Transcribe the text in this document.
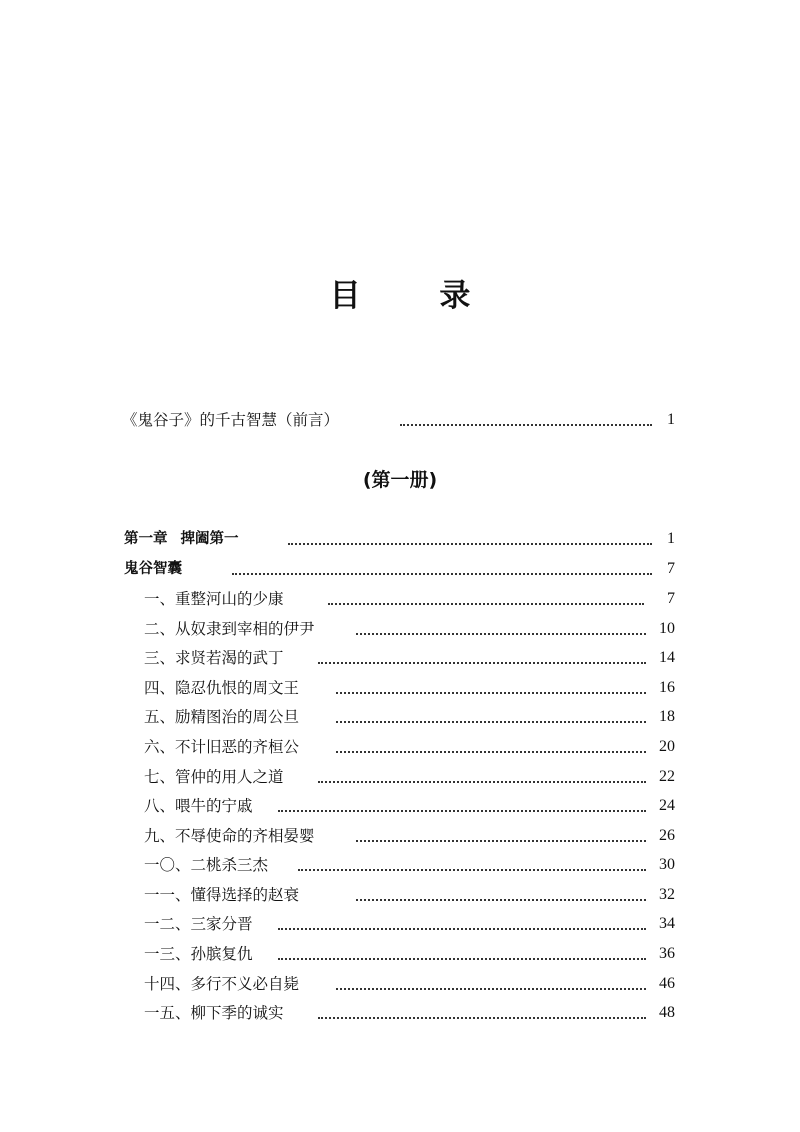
目 录
《鬼谷子》的千古智慧（前言）	1
(第一册)
第一章 捭阖第一	1
鬼谷智囊	7
一、重整河山的少康	7
二、从奴隶到宰相的伊尹	10
三、求贤若渴的武丁	14
四、隐忍仇恨的周文王	16
五、励精图治的周公旦	18
六、不计旧恶的齐桓公	20
七、管仲的用人之道	22
八、喂牛的宁戚	24
九、不辱使命的齐相晏婴	26
一〇、二桃杀三杰	30
一一、懂得选择的赵衰	32
一二、三家分晋	34
一三、孙膑复仇	36
十四、多行不义必自毙	46
一五、柳下季的诚实	48
